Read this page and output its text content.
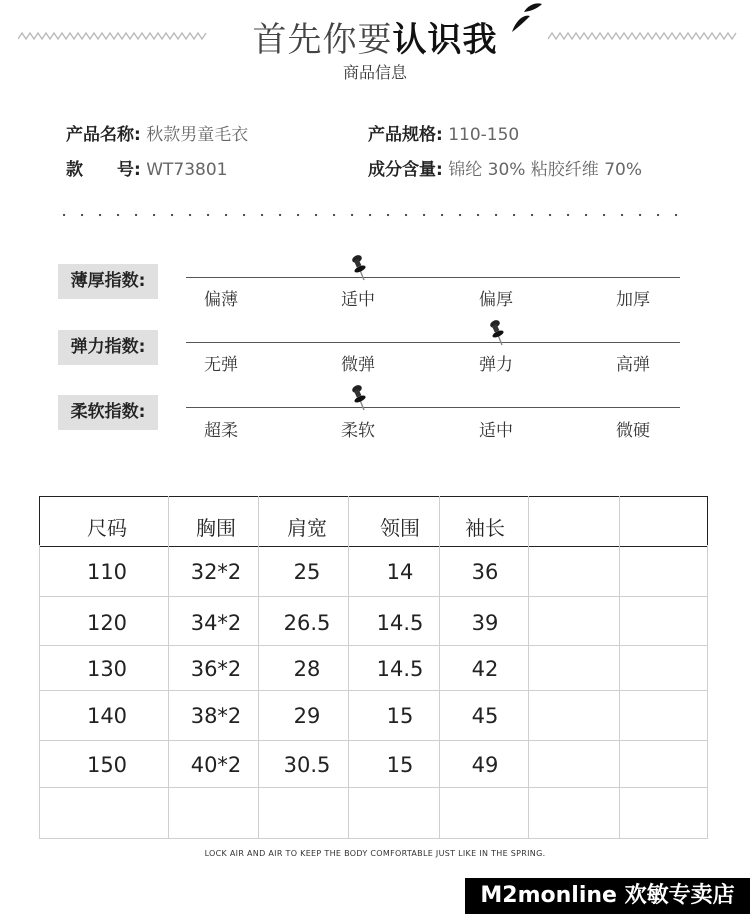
首先你要认识我
商品信息
产品名称: 秋款男童毛衣	产品规格: 110-150
款　　号: WT73801	成分含量: 锦纶 30% 粘胶纤维 70%
薄厚指数:
偏薄	适中	偏厚	加厚
弹力指数:
无弹	微弹	弹力	高弹
柔软指数:
超柔	柔软	适中	微硬
尺码	胸围	肩宽	领围	袖长
110	32*2	25	14	36
120	34*2	26.5	14.5	39
130	36*2	28	14.5	42
140	38*2	29	15	45
150	40*2	30.5	15	49
LOCK AIR AND AIR TO KEEP THE BODY COMFORTABLE JUST LIKE IN THE SPRING.
M2monline 欢敏专卖店
